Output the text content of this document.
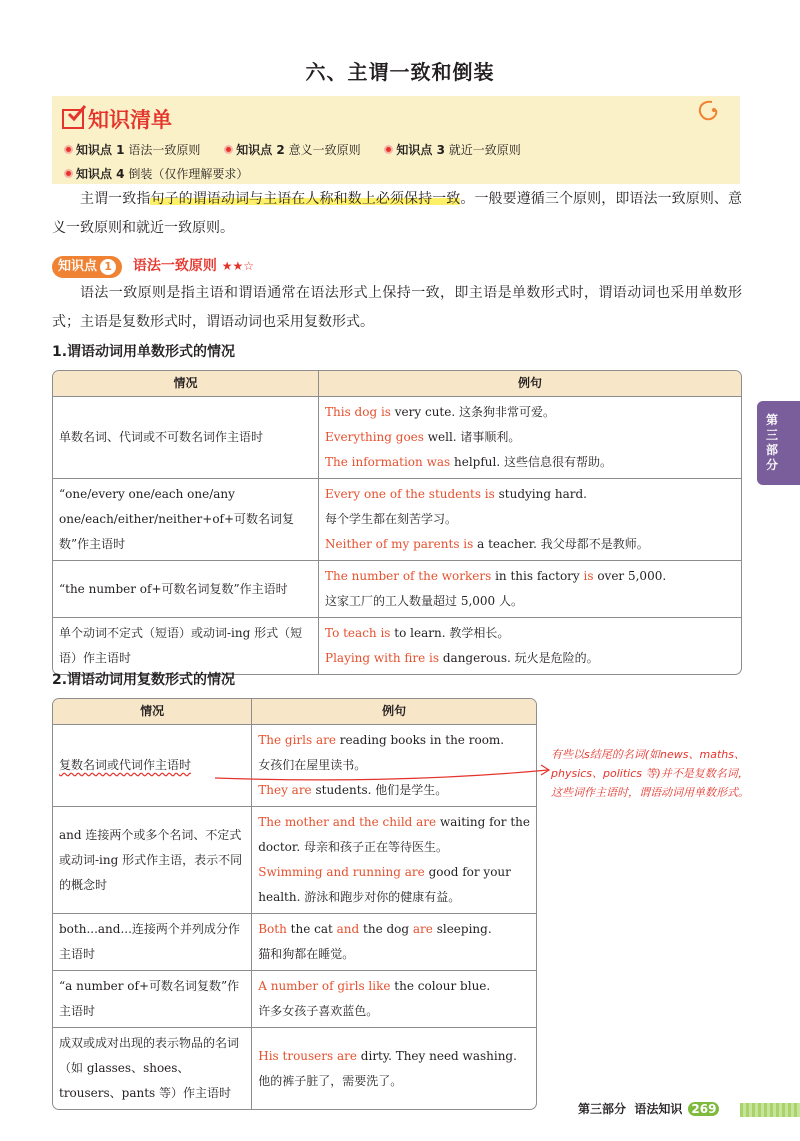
六、主谓一致和倒装
知识清单
知识点 1 语法一致原则	知识点 2 意义一致原则	知识点 3 就近一致原则
知识点 4 倒装（仅作理解要求）

主谓一致指句子的谓语动词与主语在人称和数上必须保持一致。一般要遵循三个原则，即语法一致原则、意义一致原则和就近一致原则。

知识点 1 语法一致原则 ★★☆

语法一致原则是指主语和谓语通常在语法形式上保持一致，即主语是单数形式时，谓语动词也采用单数形式；主语是复数形式时，谓语动词也采用复数形式。

1.谓语动词用单数形式的情况
情况	例句
单数名词、代词或不可数名词作主语时	This dog is very cute. 这条狗非常可爱。
Everything goes well. 诸事顺利。
The information was helpful. 这些信息很有帮助。

“one/every one/each one/any one/each/either/neither+of+可数名词复数”作主语时	Every one of the students is studying hard.
每个学生都在刻苦学习。
Neither of my parents is a teacher. 我父母都不是教师。

“the number of+可数名词复数”作主语时	The number of the workers in this factory is over 5,000.
这家工厂的工人数量超过 5,000 人。

单个动词不定式（短语）或动词-ing 形式（短语）作主语时	To teach is to learn. 教学相长。
Playing with fire is dangerous. 玩火是危险的。
2.谓语动词用复数形式的情况
情况	例句
复数名词或代词作主语时	The girls are reading books in the room.
女孩们在屋里读书。
They are students. 他们是学生。

and 连接两个或多个名词、不定式或动词-ing 形式作主语，表示不同的概念时	The mother and the child are waiting for the
doctor. 母亲和孩子正在等待医生。
Swimming and running are good for your
health. 游泳和跑步对你的健康有益。

both...and...连接两个并列成分作主语时	Both the cat and the dog are sleeping.
猫和狗都在睡觉。

“a number of+可数名词复数”作主语时	A number of girls like the colour blue.
许多女孩子喜欢蓝色。

成双或成对出现的表示物品的名词（如 glasses、shoes、trousers、pants 等）作主语时	His trousers are dirty. They need washing.
他的裤子脏了，需要洗了。
有些以s结尾的名词(如news、maths、physics、politics 等)并不是复数名词，这些词作主语时，谓语动词用单数形式。
第三部分
第三部分 语法知识 269
